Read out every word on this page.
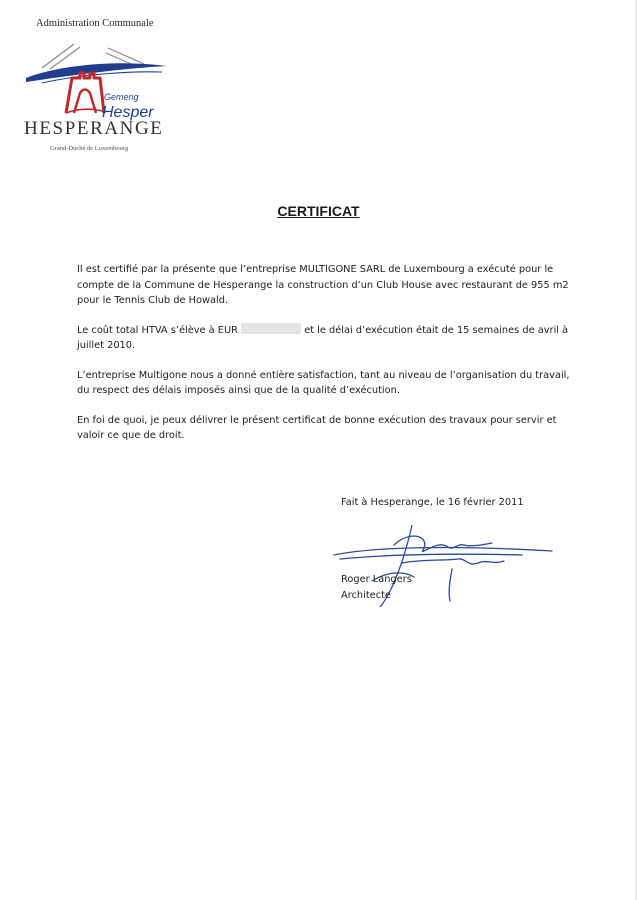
Administration Communale
Gemeng
Hesper
HESPERANGE
Grand-Duché de Luxembourg
CERTIFICAT

Il est certifié par la présente que l’entreprise MULTIGONE SARL de Luxembourg a exécuté pour le compte de la Commune de Hesperange la construction d’un Club House avec restaurant de 955 m2 pour le Tennis Club de Howald.

Le coût total HTVA s’élève à EUR	et le délai d’exécution était de 15 semaines de avril à juillet 2010.

L’entreprise Multigone nous a donné entière satisfaction, tant au niveau de l’organisation du travail, du respect des délais imposés ainsi que de la qualité d’exécution.

En foi de quoi, je peux délivrer le présent certificat de bonne exécution des travaux pour servir et valoir ce que de droit.

Fait à Hesperange, le 16 février 2011
Roger Langers
Architecte
